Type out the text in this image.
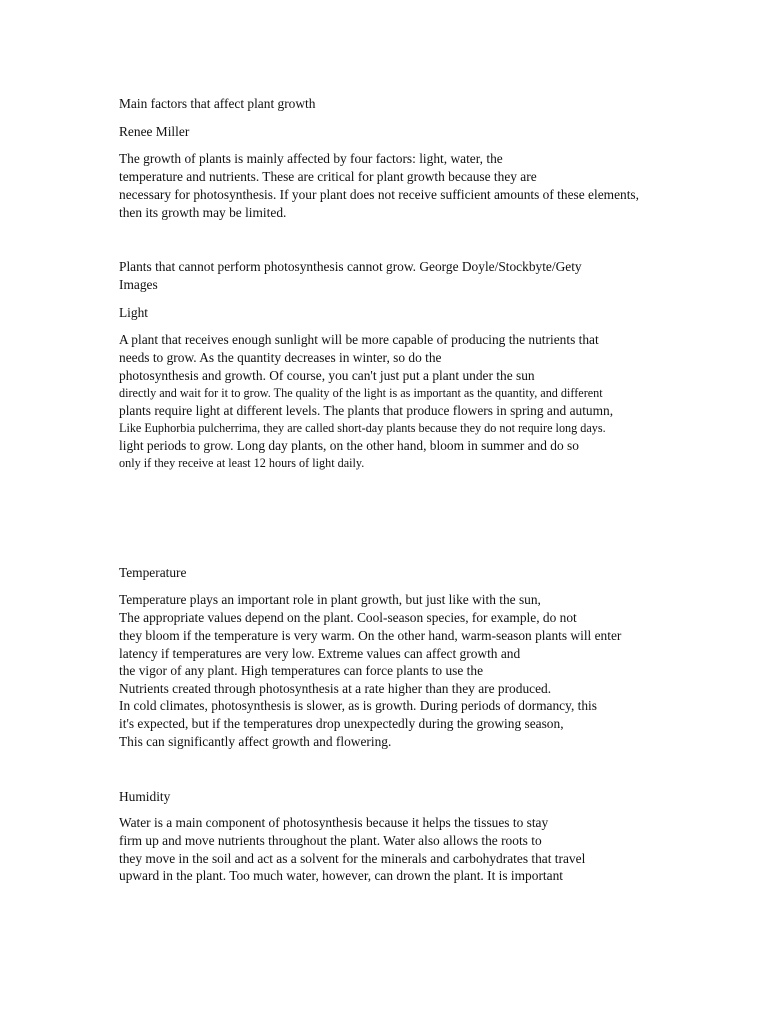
Main factors that affect plant growth

Renee Miller

The growth of plants is mainly affected by four factors: light, water, the

temperature and nutrients. These are critical for plant growth because they are

necessary for photosynthesis. If your plant does not receive sufficient amounts of these elements,

then its growth may be limited.

Plants that cannot perform photosynthesis cannot grow. George Doyle/Stockbyte/Gety

Images

Light

A plant that receives enough sunlight will be more capable of producing the nutrients that

needs to grow. As the quantity decreases in winter, so do the

photosynthesis and growth. Of course, you can't just put a plant under the sun

directly and wait for it to grow. The quality of the light is as important as the quantity, and different

plants require light at different levels. The plants that produce flowers in spring and autumn,

Like Euphorbia pulcherrima, they are called short-day plants because they do not require long days.

light periods to grow. Long day plants, on the other hand, bloom in summer and do so

only if they receive at least 12 hours of light daily.

Temperature

Temperature plays an important role in plant growth, but just like with the sun,

The appropriate values depend on the plant. Cool-season species, for example, do not

they bloom if the temperature is very warm. On the other hand, warm-season plants will enter

latency if temperatures are very low. Extreme values can affect growth and

the vigor of any plant. High temperatures can force plants to use the

Nutrients created through photosynthesis at a rate higher than they are produced.

In cold climates, photosynthesis is slower, as is growth. During periods of dormancy, this

it's expected, but if the temperatures drop unexpectedly during the growing season,

This can significantly affect growth and flowering.

Humidity

Water is a main component of photosynthesis because it helps the tissues to stay

firm up and move nutrients throughout the plant. Water also allows the roots to

they move in the soil and act as a solvent for the minerals and carbohydrates that travel

upward in the plant. Too much water, however, can drown the plant. It is important
